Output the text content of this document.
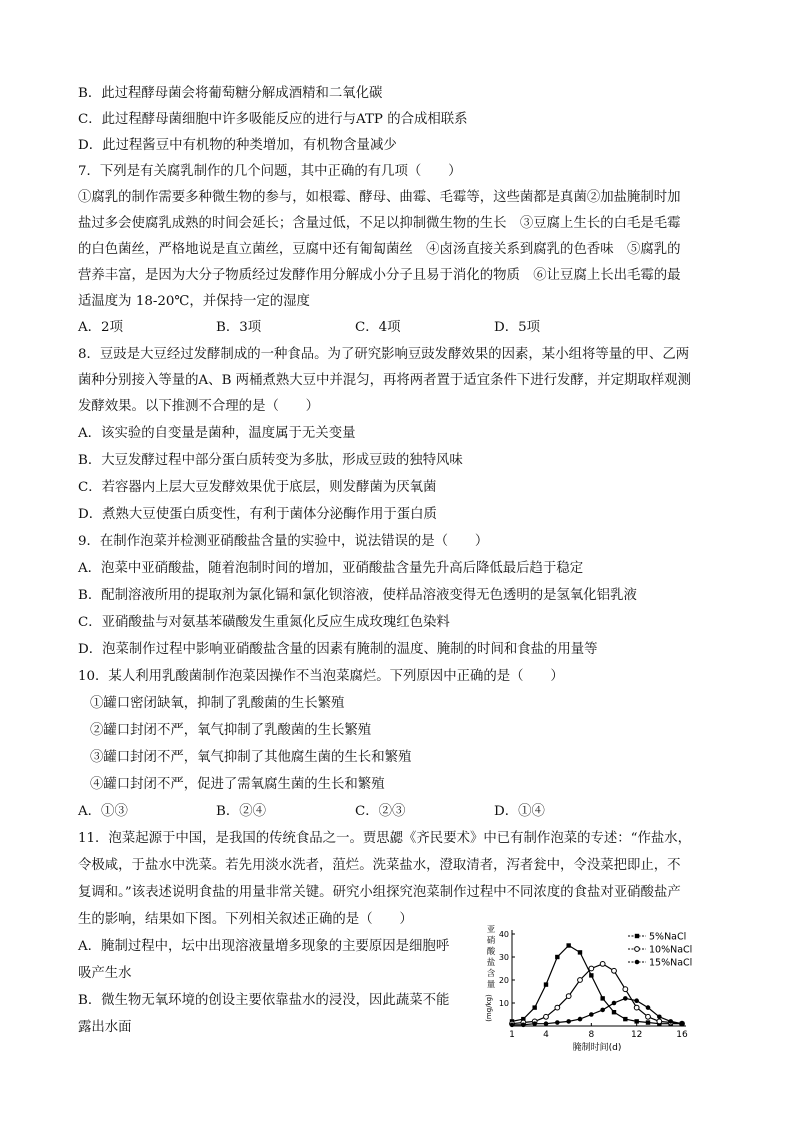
B．此过程酵母菌会将葡萄糖分解成酒精和二氧化碳
C．此过程酵母菌细胞中许多吸能反应的进行与ATP 的合成相联系
D．此过程酱豆中有机物的种类增加，有机物含量减少
7．下列是有关腐乳制作的几个问题，其中正确的有几项（　　）
①腐乳的制作需要多种微生物的参与，如根霉、酵母、曲霉、毛霉等，这些菌都是真菌②加盐腌制时加
盐过多会使腐乳成熟的时间会延长；含量过低，不足以抑制微生物的生长　③豆腐上生长的白毛是毛霉
的白色菌丝，严格地说是直立菌丝，豆腐中还有匍匐菌丝　④卤汤直接关系到腐乳的色香味　⑤腐乳的
营养丰富，是因为大分子物质经过发酵作用分解成小分子且易于消化的物质　⑥让豆腐上长出毛霉的最
适温度为 18-20℃，并保持一定的湿度
A．2项	B．3项	C．4项	D．5项
8．豆豉是大豆经过发酵制成的一种食品。为了研究影响豆豉发酵效果的因素，某小组将等量的甲、乙两
菌种分别接入等量的A、B 两桶煮熟大豆中并混匀，再将两者置于适宜条件下进行发酵，并定期取样观测
发酵效果。以下推测不合理的是（　　）
A．该实验的自变量是菌种，温度属于无关变量
B．大豆发酵过程中部分蛋白质转变为多肽，形成豆豉的独特风味
C．若容器内上层大豆发酵效果优于底层，则发酵菌为厌氧菌
D．煮熟大豆使蛋白质变性，有利于菌体分泌酶作用于蛋白质
9．在制作泡菜并检测亚硝酸盐含量的实验中，说法错误的是（　　）
A．泡菜中亚硝酸盐，随着泡制时间的增加，亚硝酸盐含量先升高后降低最后趋于稳定
B．配制溶液所用的提取剂为氯化镉和氯化钡溶液，使样品溶液变得无色透明的是氢氧化铝乳液
C．亚硝酸盐与对氨基苯磺酸发生重氮化反应生成玫瑰红色染料
D．泡菜制作过程中影响亚硝酸盐含量的因素有腌制的温度、腌制的时间和食盐的用量等
10．某人利用乳酸菌制作泡菜因操作不当泡菜腐烂。下列原因中正确的是（　　）
①罐口密闭缺氧，抑制了乳酸菌的生长繁殖
②罐口封闭不严，氧气抑制了乳酸菌的生长繁殖
③罐口封闭不严，氧气抑制了其他腐生菌的生长和繁殖
④罐口封闭不严，促进了需氧腐生菌的生长和繁殖
A．①③	B．②④	C．②③	D．①④
11．泡菜起源于中国，是我国的传统食品之一。贾思勰《齐民要术》中已有制作泡菜的专述：“作盐水，
令极咸，于盐水中洗菜。若先用淡水洗者，菹烂。洗菜盐水，澄取清者，泻者瓮中，令没菜把即止，不
复调和。”该表述说明食盐的用量非常关键。研究小组探究泡菜制作过程中不同浓度的食盐对亚硝酸盐产
生的影响，结果如下图。下列相关叙述正确的是（　　）
A．腌制过程中，坛中出现溶液量增多现象的主要原因是细胞呼
吸产生水
B．微生物无氧环境的创设主要依靠盐水的浸没，因此蔬菜不能
露出水面
10
20
30
40
1	4	8	12	16
腌制时间(d)
亚
硝
酸
盐
含
量
(mg/kg)
5%NaCl
10%NaCl
15%NaCl
